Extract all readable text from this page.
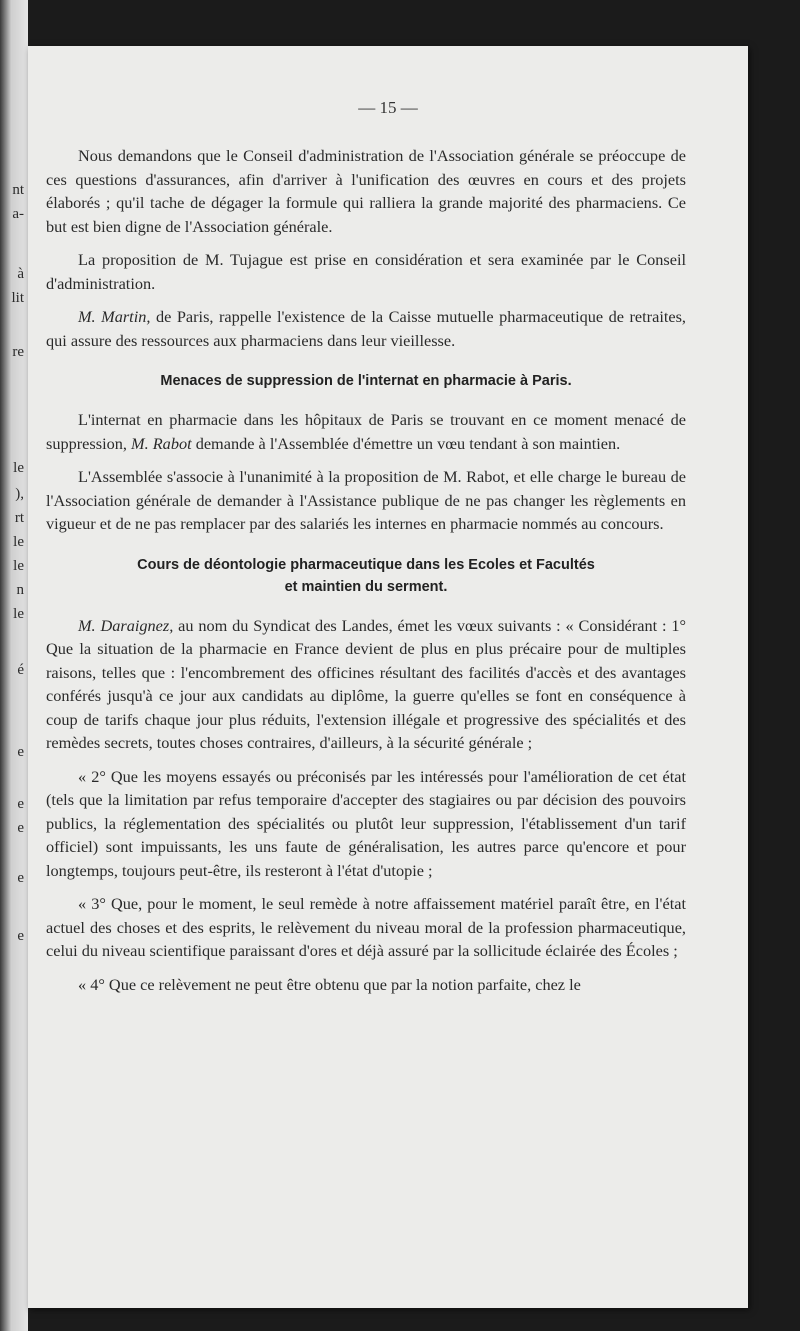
nt
a-
à
lit
re
le
),
rt
le
le
n
le
é
e
e
e
e
e
— 15 —

Nous demandons que le Conseil d'administration de l'Association générale se préoccupe de ces questions d'assurances, afin d'arriver à l'unification des œuvres en cours et des projets élaborés ; qu'il tache de dégager la formule qui ralliera la grande majorité des pharmaciens. Ce but est bien digne de l'Association générale.

La proposition de M. Tujague est prise en considération et sera examinée par le Conseil d'administration.

M. Martin, de Paris, rappelle l'existence de la Caisse mutuelle pharmaceutique de retraites, qui assure des ressources aux pharmaciens dans leur vieillesse.

Menaces de suppression de l'internat en pharmacie à Paris.

L'internat en pharmacie dans les hôpitaux de Paris se trouvant en ce moment menacé de suppression, M. Rabot demande à l'Assemblée d'émettre un vœu tendant à son maintien.

L'Assemblée s'associe à l'unanimité à la proposition de M. Rabot, et elle charge le bureau de l'Association générale de demander à l'Assistance publique de ne pas changer les règlements en vigueur et de ne pas remplacer par des salariés les internes en pharmacie nommés au concours.

Cours de déontologie pharmaceutique dans les Ecoles et Facultés
et maintien du serment.

M. Daraignez, au nom du Syndicat des Landes, émet les vœux suivants : « Considérant : 1° Que la situation de la pharmacie en France devient de plus en plus précaire pour de multiples raisons, telles que : l'encombrement des officines résultant des facilités d'accès et des avantages conférés jusqu'à ce jour aux candidats au diplôme, la guerre qu'elles se font en conséquence à coup de tarifs chaque jour plus réduits, l'extension illégale et progressive des spécialités et des remèdes secrets, toutes choses contraires, d'ailleurs, à la sécurité générale ;

« 2° Que les moyens essayés ou préconisés par les intéressés pour l'amélioration de cet état (tels que la limitation par refus temporaire d'accepter des stagiaires ou par décision des pouvoirs publics, la réglementation des spécialités ou plutôt leur suppression, l'établissement d'un tarif officiel) sont impuissants, les uns faute de généralisation, les autres parce qu'encore et pour longtemps, toujours peut-être, ils resteront à l'état d'utopie ;

« 3° Que, pour le moment, le seul remède à notre affaissement matériel paraît être, en l'état actuel des choses et des esprits, le relèvement du niveau moral de la profession pharmaceutique, celui du niveau scientifique paraissant d'ores et déjà assuré par la sollicitude éclairée des Écoles ;

« 4° Que ce relèvement ne peut être obtenu que par la notion parfaite, chez le
